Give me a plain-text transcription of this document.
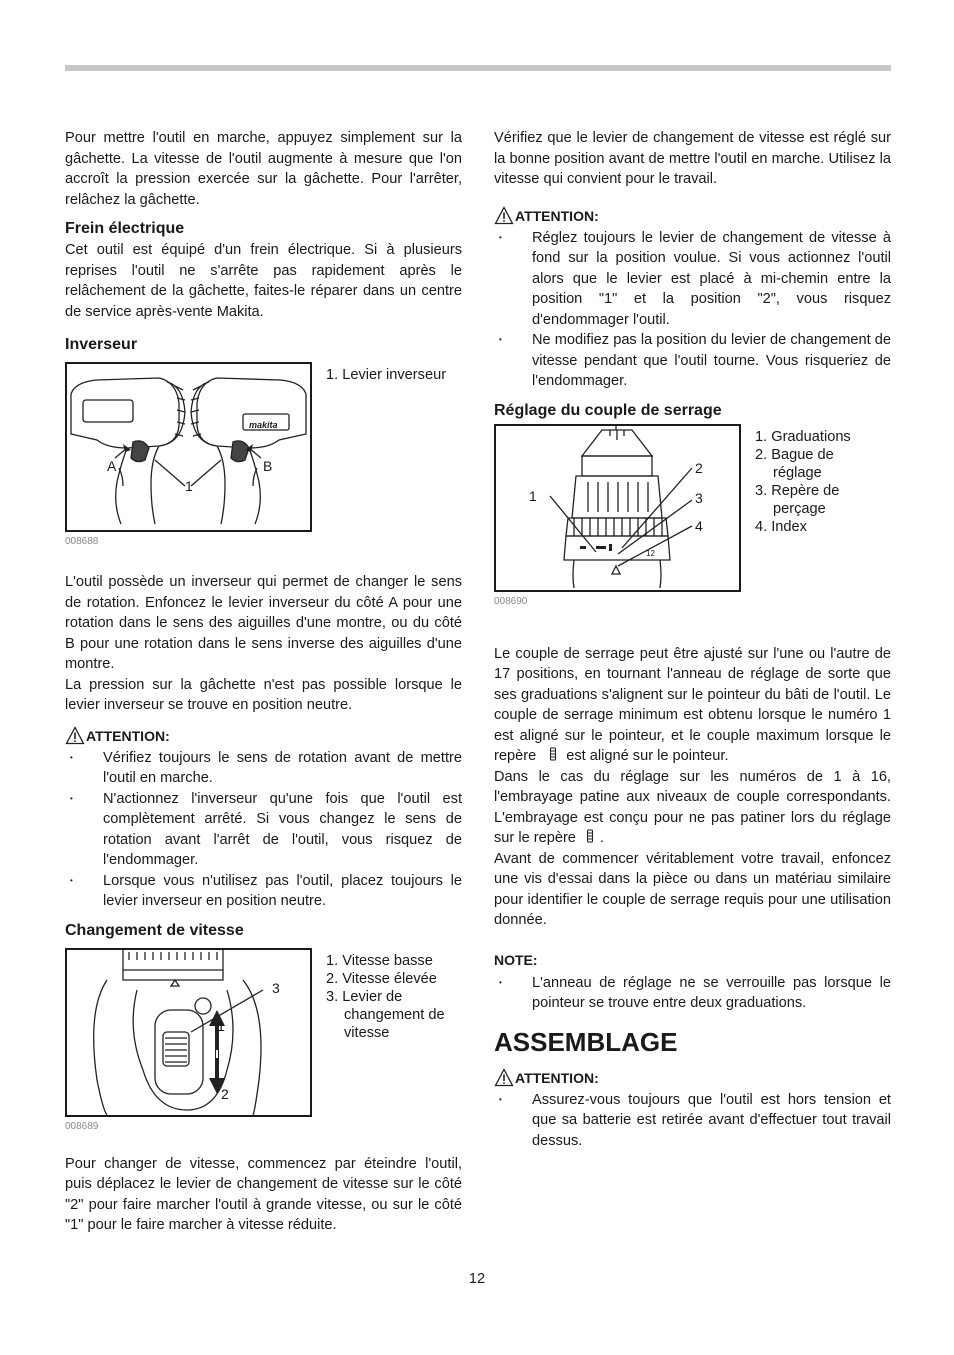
Pour mettre l'outil en marche, appuyez simplement sur la gâchette. La vitesse de l'outil augmente à mesure que l'on accroît la pression exercée sur la gâchette. Pour l'arrêter, relâchez la gâchette.

Frein électrique

Cet outil est équipé d'un frein électrique. Si à plusieurs reprises l'outil ne s'arrête pas rapidement après le relâchement de la gâchette, faites-le réparer dans un centre de service après-vente Makita.

Inverseur
A	B
1
makita
008688
1. Levier inverseur

L'outil possède un inverseur qui permet de changer le sens de rotation. Enfoncez le levier inverseur du côté A pour une rotation dans le sens des aiguilles d'une montre, ou du côté B pour une rotation dans le sens inverse des aiguilles d'une montre.

La pression sur la gâchette n'est pas possible lorsque le levier inverseur se trouve en position neutre.

ATTENTION:
• Vérifiez toujours le sens de rotation avant de mettre l'outil en marche.
• N'actionnez l'inverseur qu'une fois que l'outil est complètement arrêté. Si vous changez le sens de rotation avant l'arrêt de l'outil, vous risquez de l'endommager.
• Lorsque vous n'utilisez pas l'outil, placez toujours le levier inverseur en position neutre.
Changement de vitesse
3
1
2
008689
1. Vitesse basse
2. Vitesse élevée
3. Levier de
changement de
vitesse

Pour changer de vitesse, commencez par éteindre l'outil, puis déplacez le levier de changement de vitesse sur le côté "2" pour faire marcher l'outil à grande vitesse, ou sur le côté "1" pour le faire marcher à vitesse réduite.

Vérifiez que le levier de changement de vitesse est réglé sur la bonne position avant de mettre l'outil en marche. Utilisez la vitesse qui convient pour le travail.

ATTENTION:
• Réglez toujours le levier de changement de vitesse à fond sur la position voulue. Si vous actionnez l'outil alors que le levier est placé à mi-chemin entre la position "1" et la position "2", vous risquez d'endommager l'outil.
• Ne modifiez pas la position du levier de changement de vitesse pendant que l'outil tourne. Vous risqueriez de l'endommager.
Réglage du couple de serrage
1
2
3
4
12
008690
1. Graduations
2. Bague de
réglage
3. Repère de
perçage
4. Index

Le couple de serrage peut être ajusté sur l'une ou l'autre de 17 positions, en tournant l'anneau de réglage de sorte que ses graduations s'alignent sur le pointeur du bâti de l'outil. Le couple de serrage minimum est obtenu lorsque le numéro 1 est aligné sur le pointeur, et le couple maximum lorsque le repère est aligné sur le pointeur.

Dans le cas du réglage sur les numéros de 1 à 16, l'embrayage patine aux niveaux de couple correspondants. L'embrayage est conçu pour ne pas patiner lors du réglage sur le repère .

Avant de commencer véritablement votre travail, enfoncez une vis d'essai dans la pièce ou dans un matériau similaire pour identifier le couple de serrage requis pour une utilisation donnée.

NOTE:
• L'anneau de réglage ne se verrouille pas lorsque le pointeur se trouve entre deux graduations.
ASSEMBLAGE
ATTENTION:
• Assurez-vous toujours que l'outil est hors tension et que sa batterie est retirée avant d'effectuer tout travail dessus.
12
